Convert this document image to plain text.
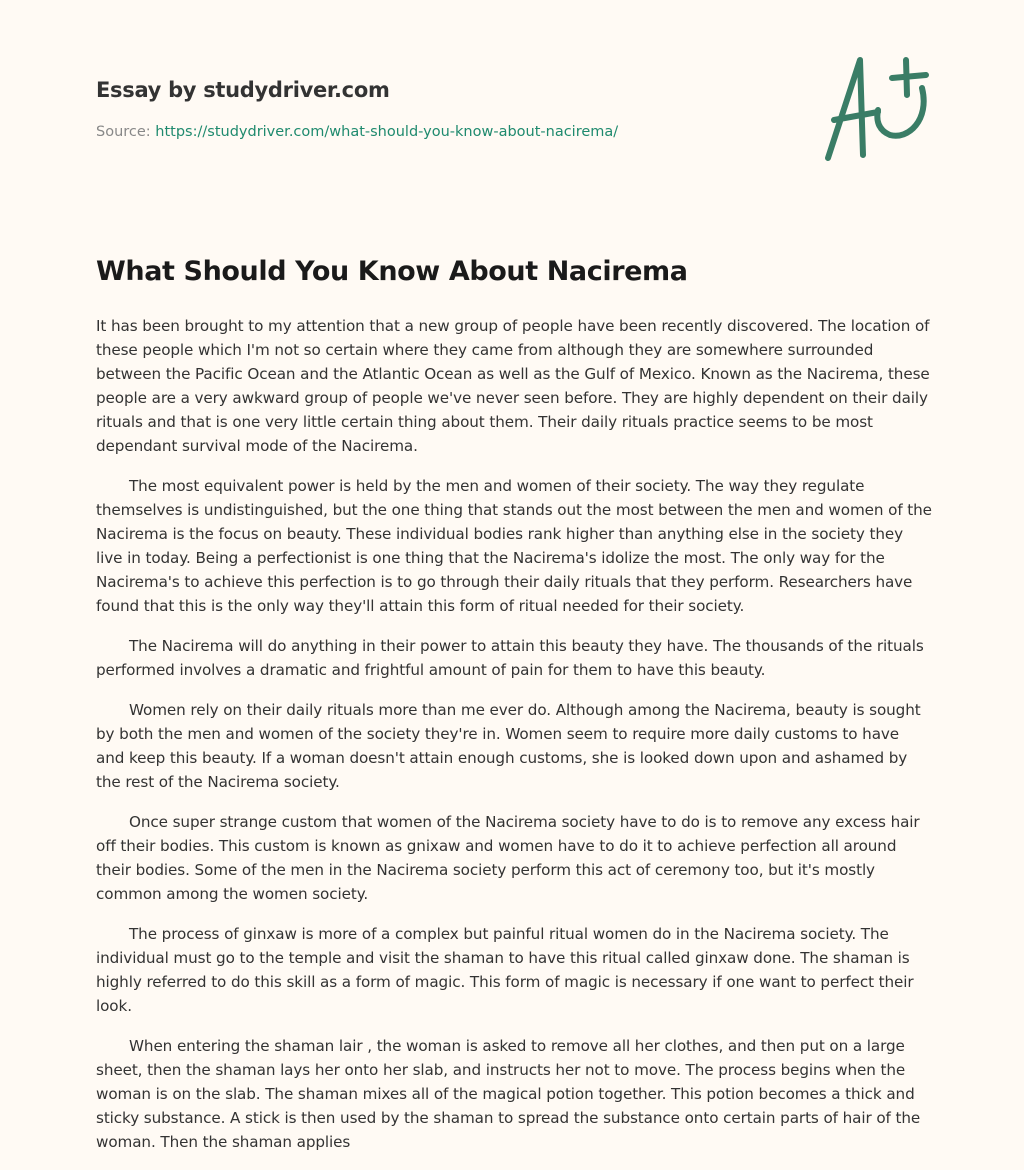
Essay by studydriver.com
Source: https://studydriver.com/what-should-you-know-about-nacirema/
What Should You Know About Nacirema

It has been brought to my attention that a new group of people have been recently discovered. The location of these people which I'm not so certain where they came from although they are somewhere surrounded between the Pacific Ocean and the Atlantic Ocean as well as the Gulf of Mexico. Known as the Nacirema, these people are a very awkward group of people we've never seen before. They are highly dependent on their daily rituals and that is one very little certain thing about them. Their daily rituals practice seems to be most dependant survival mode of the Nacirema.

The most equivalent power is held by the men and women of their society. The way they regulate themselves is undistinguished, but the one thing that stands out the most between the men and women of the Nacirema is the focus on beauty. These individual bodies rank higher than anything else in the society they live in today. Being a perfectionist is one thing that the Nacirema's idolize the most. The only way for the Nacirema's to achieve this perfection is to go through their daily rituals that they perform. Researchers have found that this is the only way they'll attain this form of ritual needed for their society.

The Nacirema will do anything in their power to attain this beauty they have. The thousands of the rituals performed involves a dramatic and frightful amount of pain for them to have this beauty.

Women rely on their daily rituals more than me ever do. Although among the Nacirema, beauty is sought by both the men and women of the society they're in. Women seem to require more daily customs to have and keep this beauty. If a woman doesn't attain enough customs, she is looked down upon and ashamed by the rest of the Nacirema society.

Once super strange custom that women of the Nacirema society have to do is to remove any excess hair off their bodies. This custom is known as gnixaw and women have to do it to achieve perfection all around their bodies. Some of the men in the Nacirema society perform this act of ceremony too, but it's mostly common among the women society.

The process of ginxaw is more of a complex but painful ritual women do in the Nacirema society. The individual must go to the temple and visit the shaman to have this ritual called ginxaw done. The shaman is highly referred to do this skill as a form of magic. This form of magic is necessary if one want to perfect their look.

When entering the shaman lair , the woman is asked to remove all her clothes, and then put on a large sheet, then the shaman lays her onto her slab, and instructs her not to move. The process begins when the woman is on the slab. The shaman mixes all of the magical potion together. This potion becomes a thick and sticky substance. A stick is then used by the shaman to spread the substance onto certain parts of hair of the woman. Then the shaman applies
